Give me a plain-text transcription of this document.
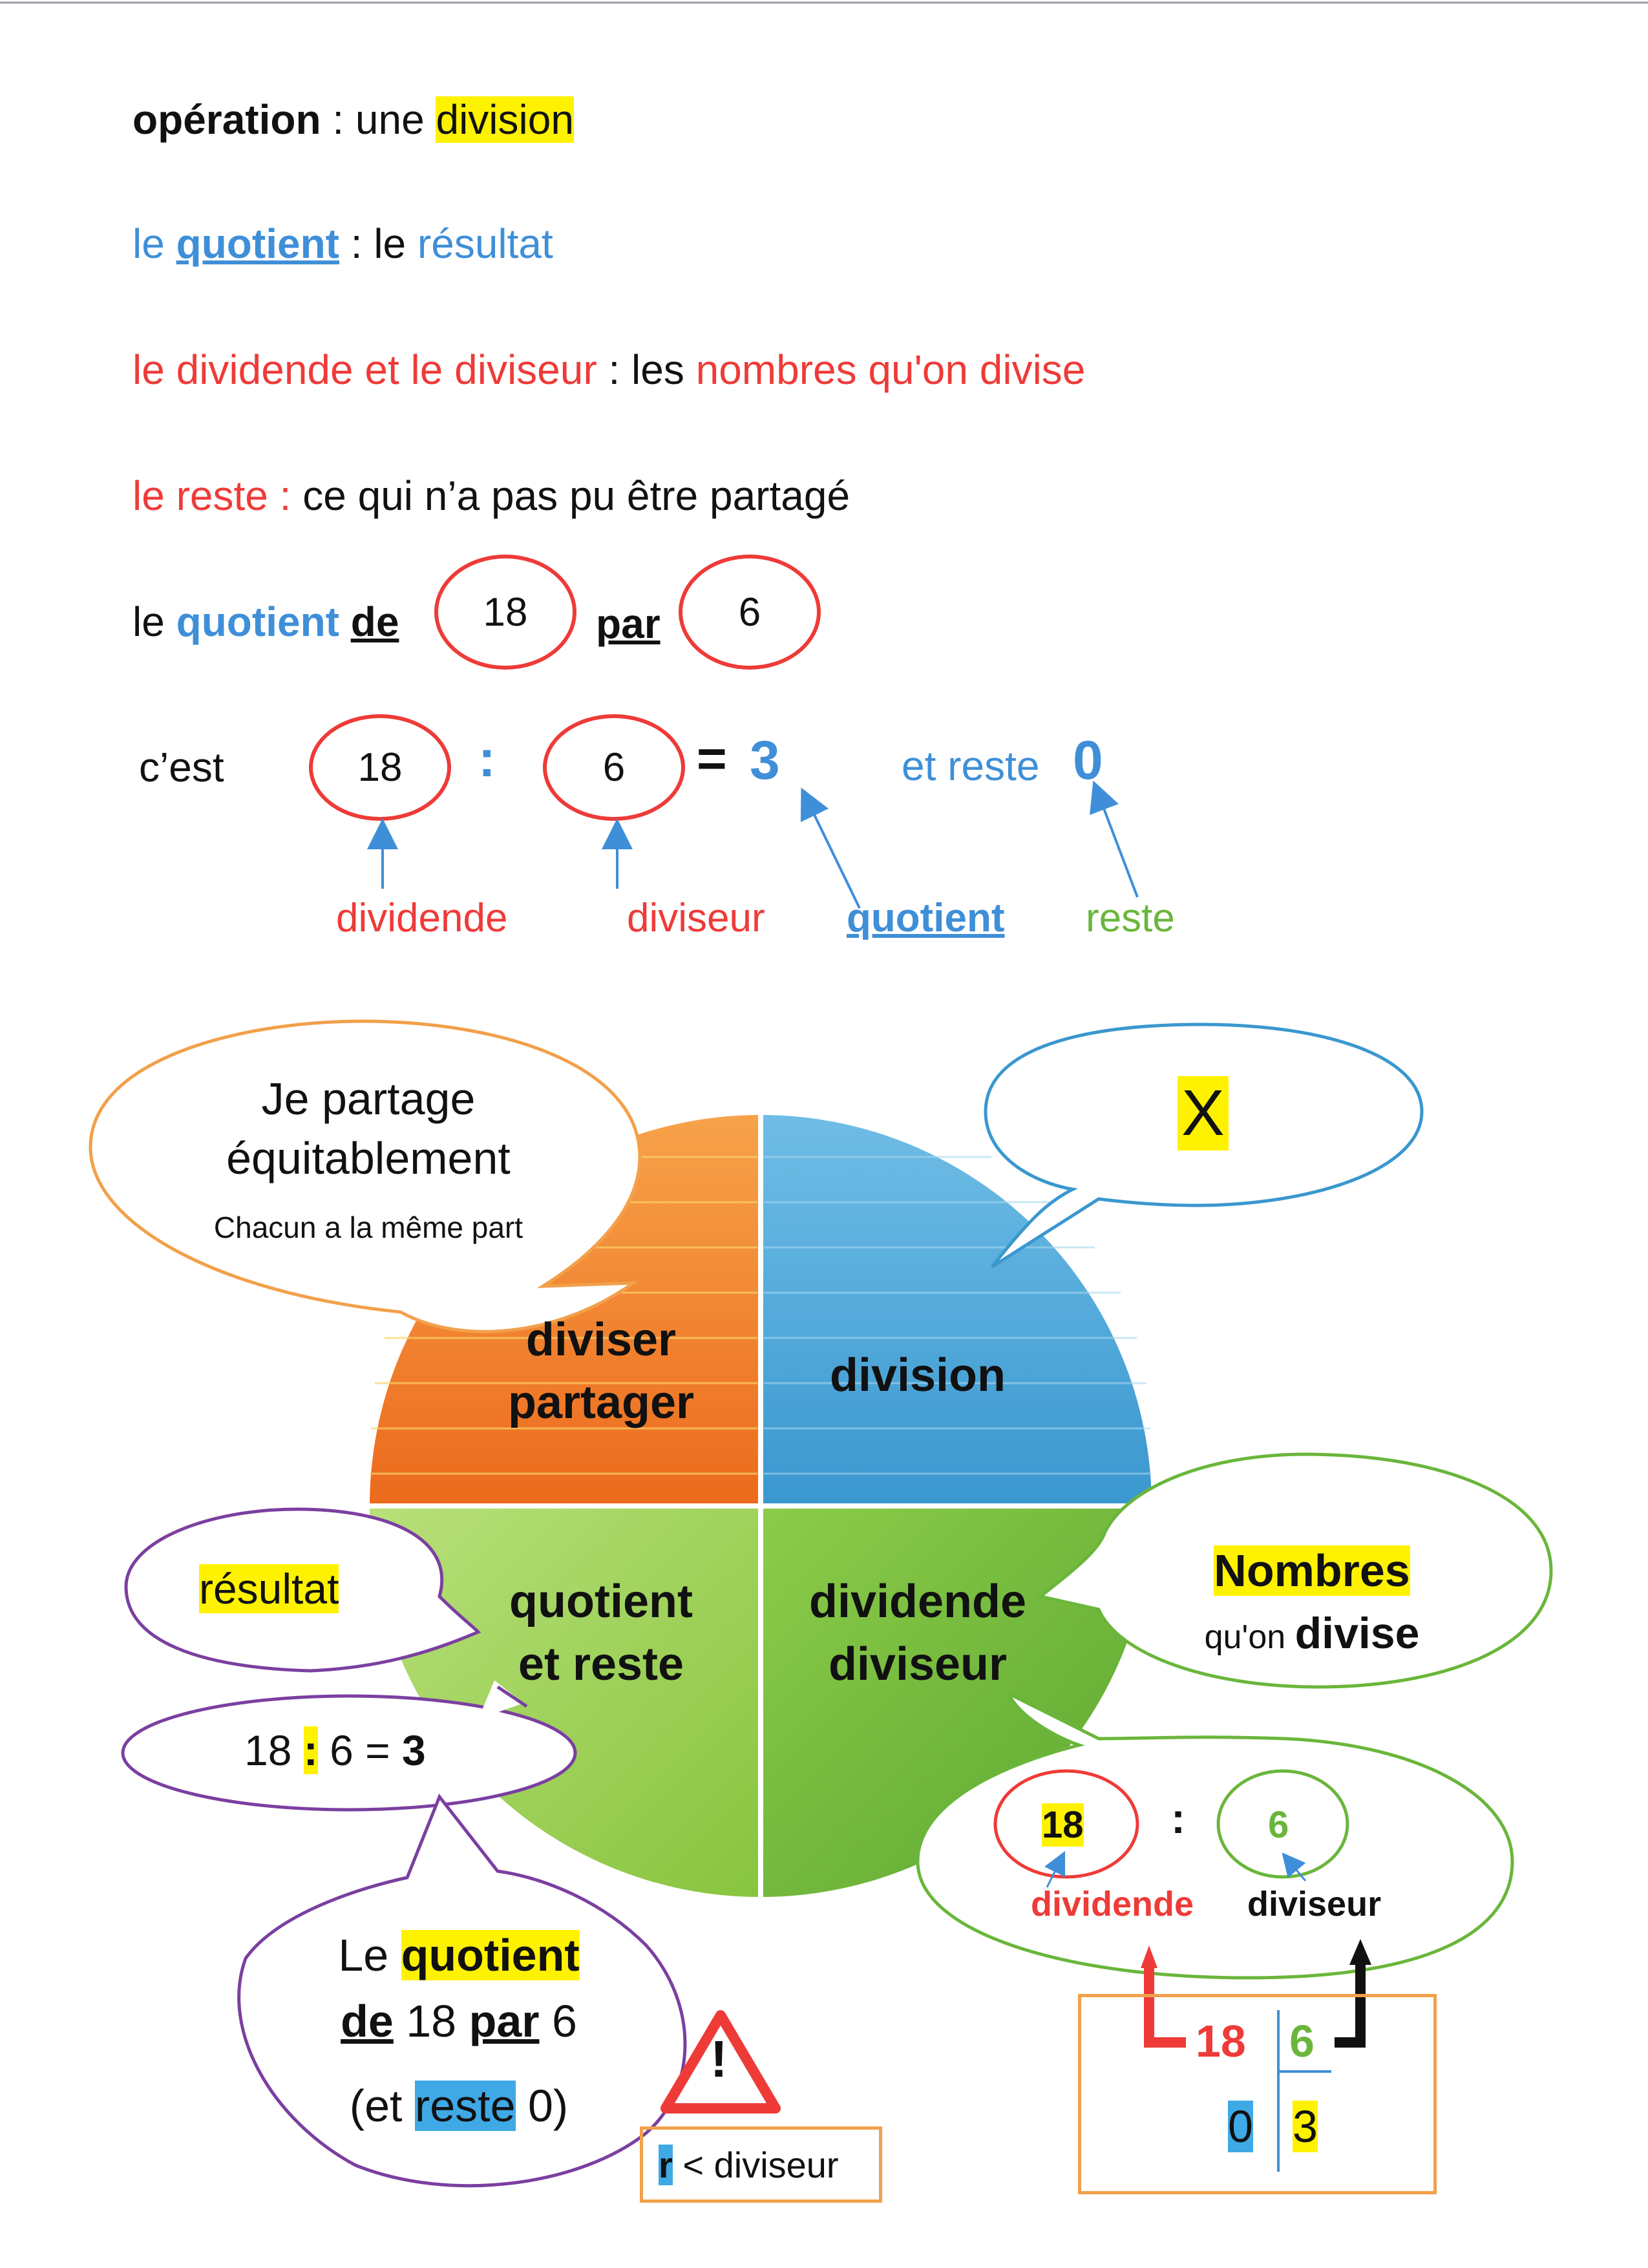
opération : une division
le quotient : le résultat
le dividende et le diviseur : les nombres qu'on divise
le reste : ce qui n’a pas pu être partagé
le quotient de 18 par 6
c’est	18 :	6 = 3	et reste 0
dividende	diviseur quotient reste
diviser
partager
division
quotient
et reste
dividende
diviseur
Je partage
équitablement
Chacun a la même part
X
résultat
18 : 6 = 3
Le quotient
de 18 par 6
(et reste 0)
Nombres
qu'on divise
18 : 6
dividende diviseur
!
r < diviseur
18 6
0 3
